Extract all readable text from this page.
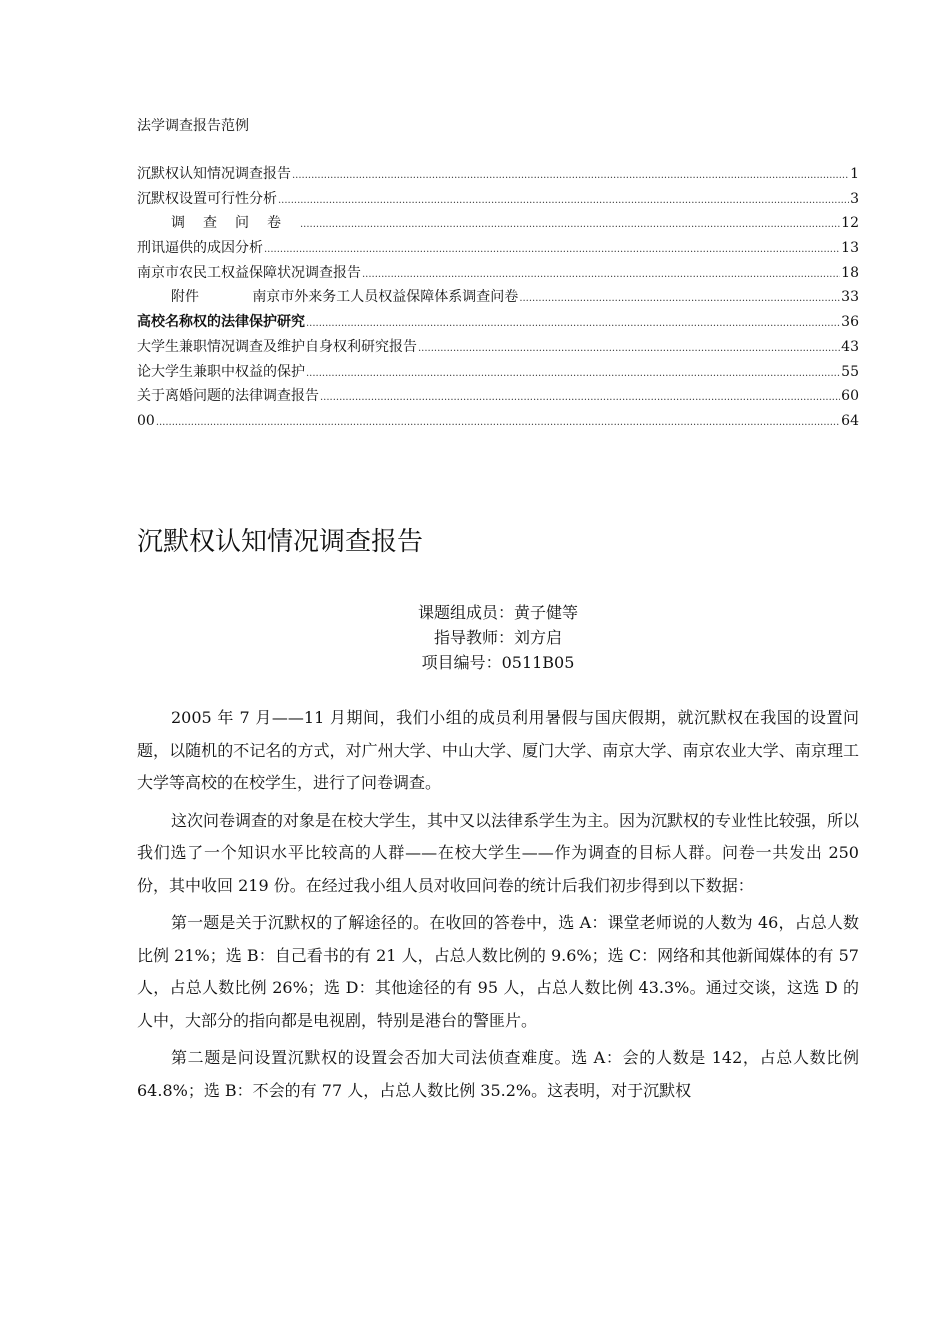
法学调查报告范例
沉默权认知情况调查报告 .....	1
沉默权设置可行性分析 .....	3
调查问卷 .....	12
刑讯逼供的成因分析 .....	13
南京市农民工权益保障状况调查报告 .....	18
附件	南京市外来务工人员权益保障体系调查问卷 .....	33
高校名称权的法律保护研究 .....	36
大学生兼职情况调查及维护自身权利研究报告 .....	43
论大学生兼职中权益的保护 .....	55
关于离婚问题的法律调查报告 .....	60
00 .....	64
沉默权认知情况调查报告
课题组成员：黄子健等
指导教师：刘方启
项目编号：0511B05

2005 年 7 月——11 月期间，我们小组的成员利用暑假与国庆假期，就沉默权在我国的设置问题，以随机的不记名的方式，对广州大学、中山大学、厦门大学、南京大学、南京农业大学、南京理工大学等高校的在校学生，进行了问卷调查。

这次问卷调查的对象是在校大学生，其中又以法律系学生为主。因为沉默权的专业性比较强，所以我们选了一个知识水平比较高的人群——在校大学生——作为调查的目标人群。问卷一共发出 250 份，其中收回 219 份。在经过我小组人员对收回问卷的统计后我们初步得到以下数据：

第一题是关于沉默权的了解途径的。在收回的答卷中，选 A：课堂老师说的人数为 46，占总人数比例 21%；选 B：自己看书的有 21 人，占总人数比例的 9.6%；选 C：网络和其他新闻媒体的有 57 人，占总人数比例 26%；选 D：其他途径的有 95 人，占总人数比例 43.3%。通过交谈，这选 D 的人中，大部分的指向都是电视剧，特别是港台的警匪片。

第二题是问设置沉默权的设置会否加大司法侦查难度。选 A：会的人数是 142，占总人数比例 64.8%；选 B：不会的有 77 人，占总人数比例 35.2%。这表明，对于沉默权
